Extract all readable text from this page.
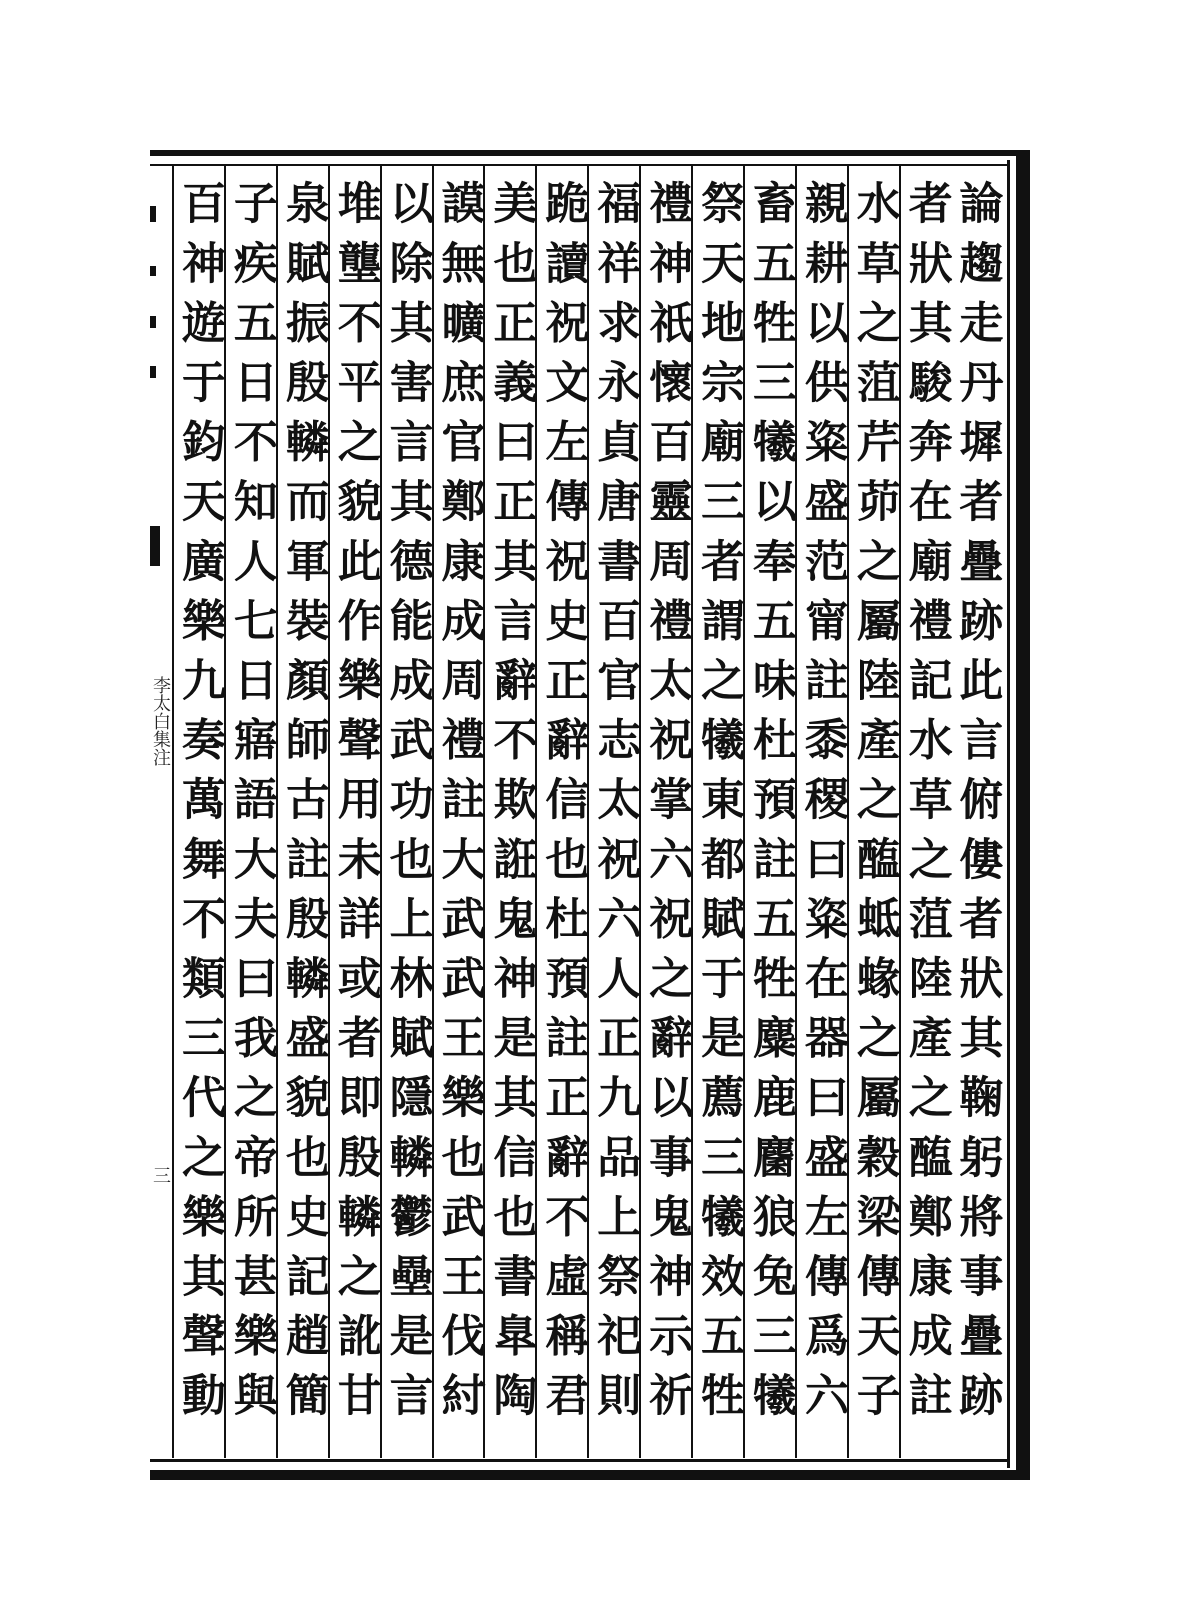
李太白集注
三	論趨走丹墀者疊跡此言俯僂者狀其鞠躬將事疊跡
者狀其駿奔在廟禮記水草之菹陸產之醢鄭康成註
水草之菹芹茆之屬陸產之醢蚳蝝之屬穀梁傳天子
親耕以供粢盛范甯註黍稷曰粢在器曰盛左傳爲六
畜五牲三犧以奉五味杜預註五牲麋鹿麕狼兔三犧
祭天地宗廟三者謂之犧東都賦于是薦三犧效五牲
禮神祇懷百靈周禮太祝掌六祝之辭以事鬼神示祈
福祥求永貞唐書百官志太祝六人正九品上祭祀則
跪讀祝文左傳祝史正辭信也杜預註正辭不虛稱君
美也正義曰正其言辭不欺誑鬼神是其信也書臯陶
謨無曠庶官鄭康成周禮註大武武王樂也武王伐紂
以除其害言其德能成武功也上林賦隱轔鬱壘是言
堆壟不平之貌此作樂聲用未詳或者即殷轔之訛甘
泉賦振殷轔而軍裝顏師古註殷轔盛貌也史記趙簡
子疾五日不知人七日寤語大夫曰我之帝所甚樂與
百神遊于鈞天廣樂九奏萬舞不類三代之樂其聲動
